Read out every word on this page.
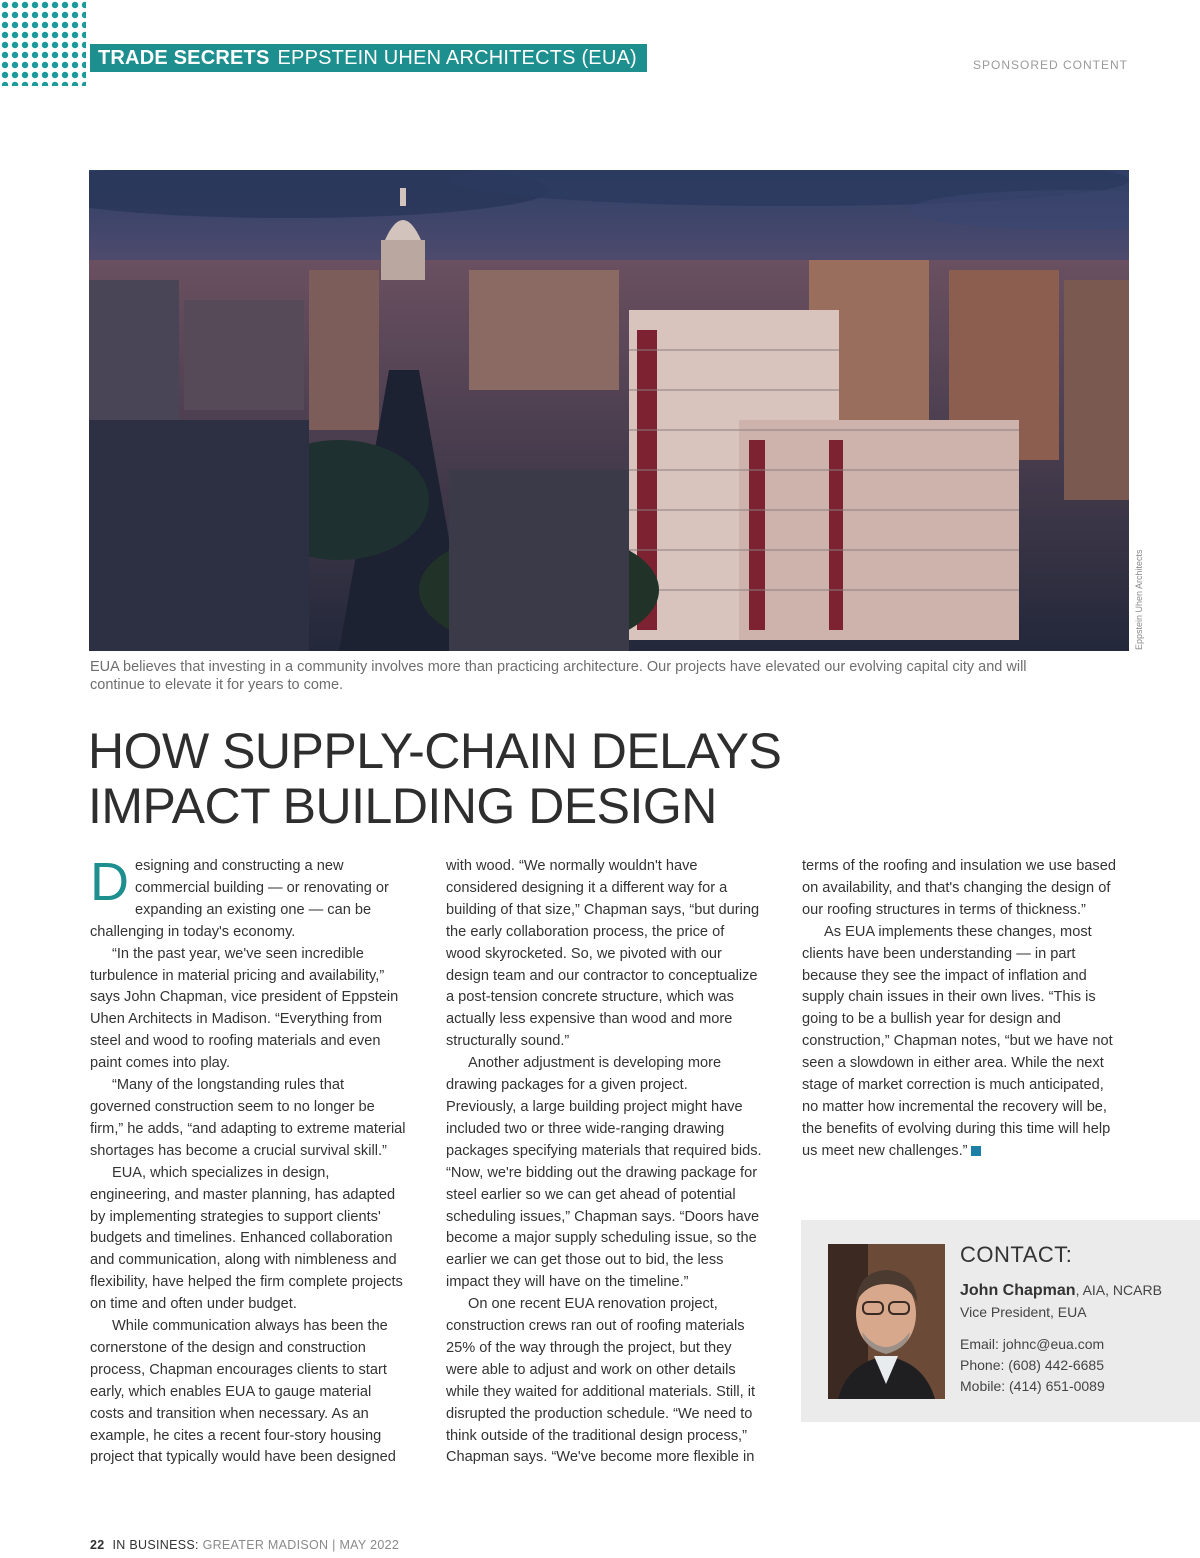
TRADE SECRETS EPPSTEIN UHEN ARCHITECTS (EUA)	SPONSORED CONTENT
Eppstein Uhen Architects
EUA believes that investing in a community involves more than practicing architecture. Our projects have elevated our evolving capital city and will continue to elevate it for years to come.
HOW SUPPLY-CHAIN DELAYS
IMPACT BUILDING DESIGN

Designing and constructing a new commercial building — or renovating or expanding an existing one — can be challenging in today's economy.

“In the past year, we've seen incredible turbulence in material pricing and availability,” says John Chapman, vice president of Eppstein Uhen Architects in Madison. “Everything from steel and wood to roofing materials and even paint comes into play.

“Many of the longstanding rules that governed construction seem to no longer be firm,” he adds, “and adapting to extreme material shortages has become a crucial survival skill.”

EUA, which specializes in design, engineering, and master planning, has adapted by implementing strategies to support clients' budgets and timelines. Enhanced collaboration and communication, along with nimbleness and flexibility, have helped the firm complete projects on time and often under budget.

While communication always has been the cornerstone of the design and construction process, Chapman encourages clients to start early, which enables EUA to gauge material costs and transition when necessary. As an example, he cites a recent four-story housing project that typically would have been designed

with wood. “We normally wouldn't have considered designing it a different way for a building of that size,” Chapman says, “but during the early collaboration process, the price of wood skyrocketed. So, we pivoted with our design team and our contractor to conceptualize a post-tension concrete structure, which was actually less expensive than wood and more structurally sound.”

Another adjustment is developing more drawing packages for a given project. Previously, a large building project might have included two or three wide-ranging drawing packages specifying materials that required bids. “Now, we're bidding out the drawing package for steel earlier so we can get ahead of potential scheduling issues,” Chapman says. “Doors have become a major supply scheduling issue, so the earlier we can get those out to bid, the less impact they will have on the timeline.”

On one recent EUA renovation project, construction crews ran out of roofing materials 25% of the way through the project, but they were able to adjust and work on other details while they waited for additional materials. Still, it disrupted the production schedule. “We need to think outside of the traditional design process,” Chapman says. “We've become more flexible in

terms of the roofing and insulation we use based on availability, and that's changing the design of our roofing structures in terms of thickness.”

As EUA implements these changes, most clients have been understanding — in part because they see the impact of inflation and supply chain issues in their own lives. “This is going to be a bullish year for design and construction,” Chapman notes, “but we have not seen a slowdown in either area. While the next stage of market correction is much anticipated, no matter how incremental the recovery will be, the benefits of evolving during this time will help us meet new challenges.”

CONTACT:
John Chapman, AIA, NCARB
Vice President, EUA
Email: johnc@eua.com
Phone: (608) 442-6685
Mobile: (414) 651-0089
22 IN BUSINESS: GREATER MADISON | MAY 2022
